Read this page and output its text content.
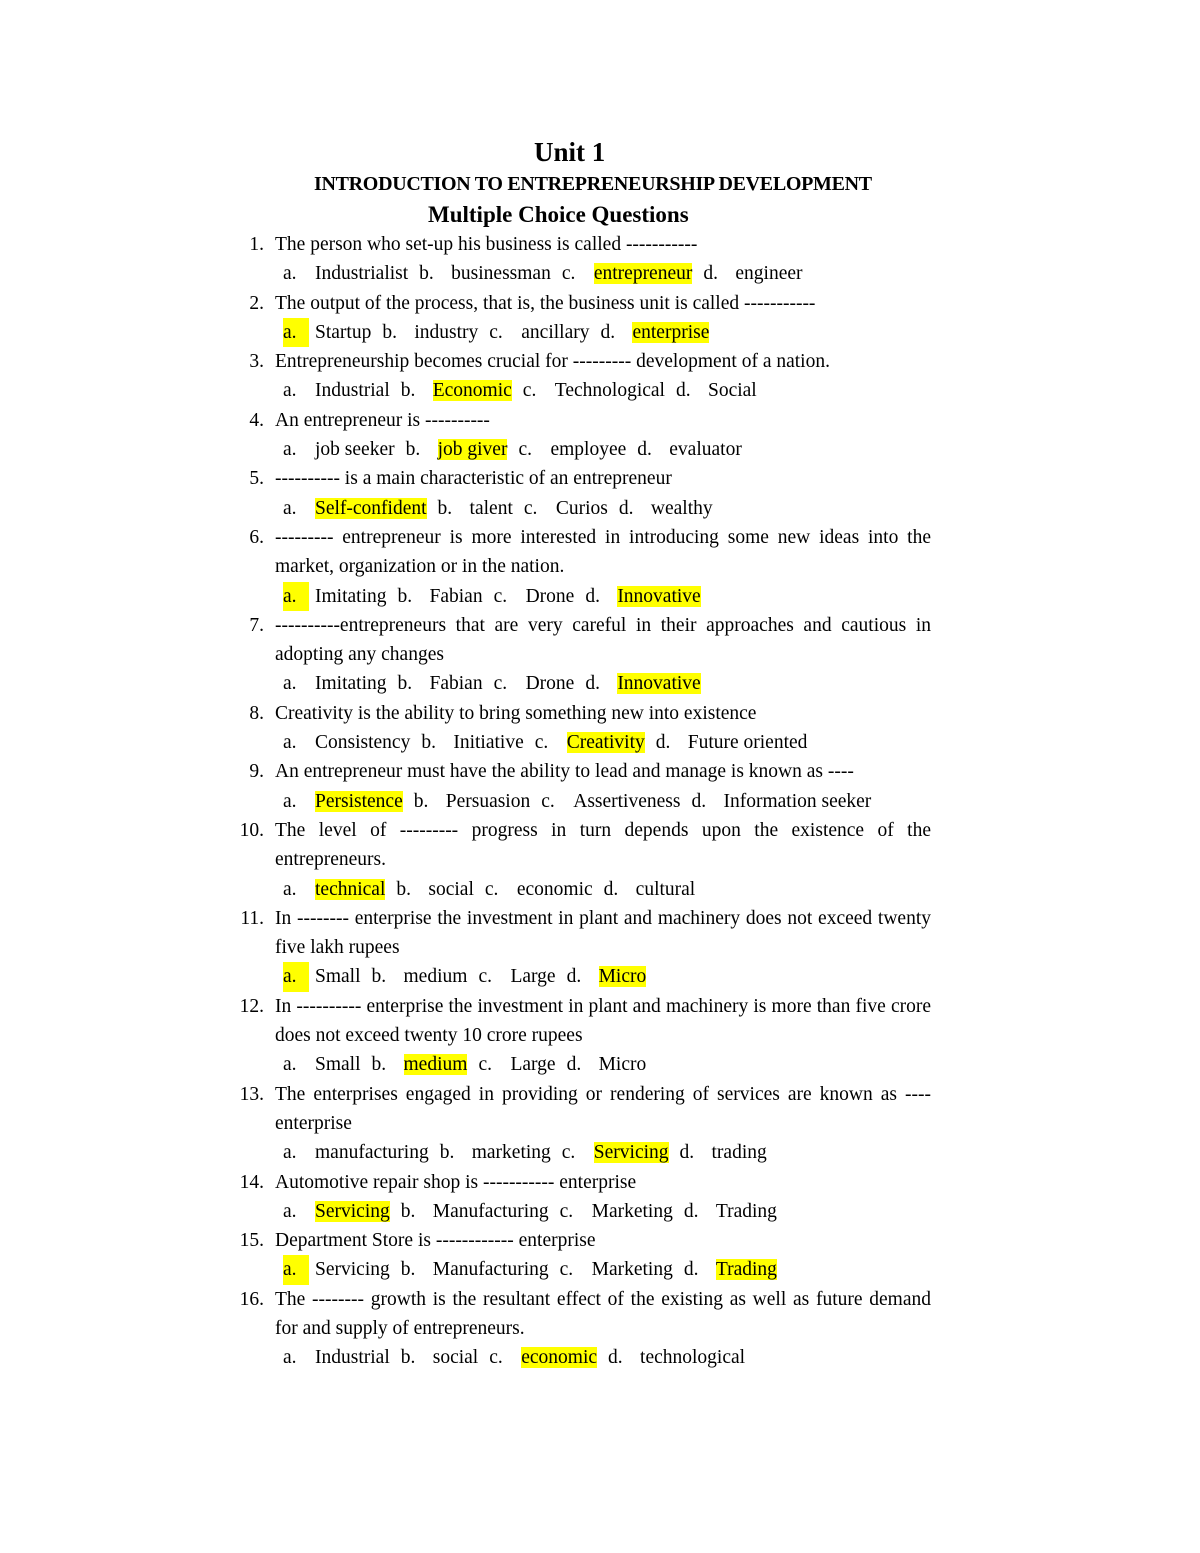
Unit 1
INTRODUCTION TO ENTREPRENEURSHIP DEVELOPMENT
Multiple Choice Questions
1. The person who set-up his business is called -----------
a. Industrialist b. businessman c. entrepreneur d. engineer
2. The output of the process, that is, the business unit is called -----------
a. Startup b. industry c. ancillary d. enterprise
3. Entrepreneurship becomes crucial for --------- development of a nation.
a. Industrial b. Economic c. Technological d. Social
4. An entrepreneur is ----------
a. job seeker b. job giver c. employee d. evaluator
5. ---------- is a main characteristic of an entrepreneur
a. Self-confident b. talent c. Curios d. wealthy
6. --------- entrepreneur is more interested in introducing some new ideas into the market, organization or in the nation.
a. Imitating b. Fabian c. Drone d. Innovative
7. ----------entrepreneurs that are very careful in their approaches and cautious in adopting any changes
a. Imitating b. Fabian c. Drone d. Innovative
8. Creativity is the ability to bring something new into existence
a. Consistency b. Initiative c. Creativity d. Future oriented
9. An entrepreneur must have the ability to lead and manage is known as ----
a. Persistence b. Persuasion c. Assertiveness d. Information seeker
10. The level of --------- progress in turn depends upon the existence of the entrepreneurs.
a. technical b. social c. economic d. cultural
11. In -------- enterprise the investment in plant and machinery does not exceed twenty five lakh rupees
a. Small b. medium c. Large d. Micro
12. In ---------- enterprise the investment in plant and machinery is more than five crore does not exceed twenty 10 crore rupees
a. Small b. medium c. Large d. Micro
13. The enterprises engaged in providing or rendering of services are known as ---- enterprise
a. manufacturing b. marketing c. Servicing d. trading
14. Automotive repair shop is ----------- enterprise
a. Servicing b. Manufacturing c. Marketing d. Trading
15. Department Store is ------------ enterprise
a. Servicing b. Manufacturing c. Marketing d. Trading
16. The -------- growth is the resultant effect of the existing as well as future demand for and supply of entrepreneurs.
a. Industrial b. social c. economic d. technological
